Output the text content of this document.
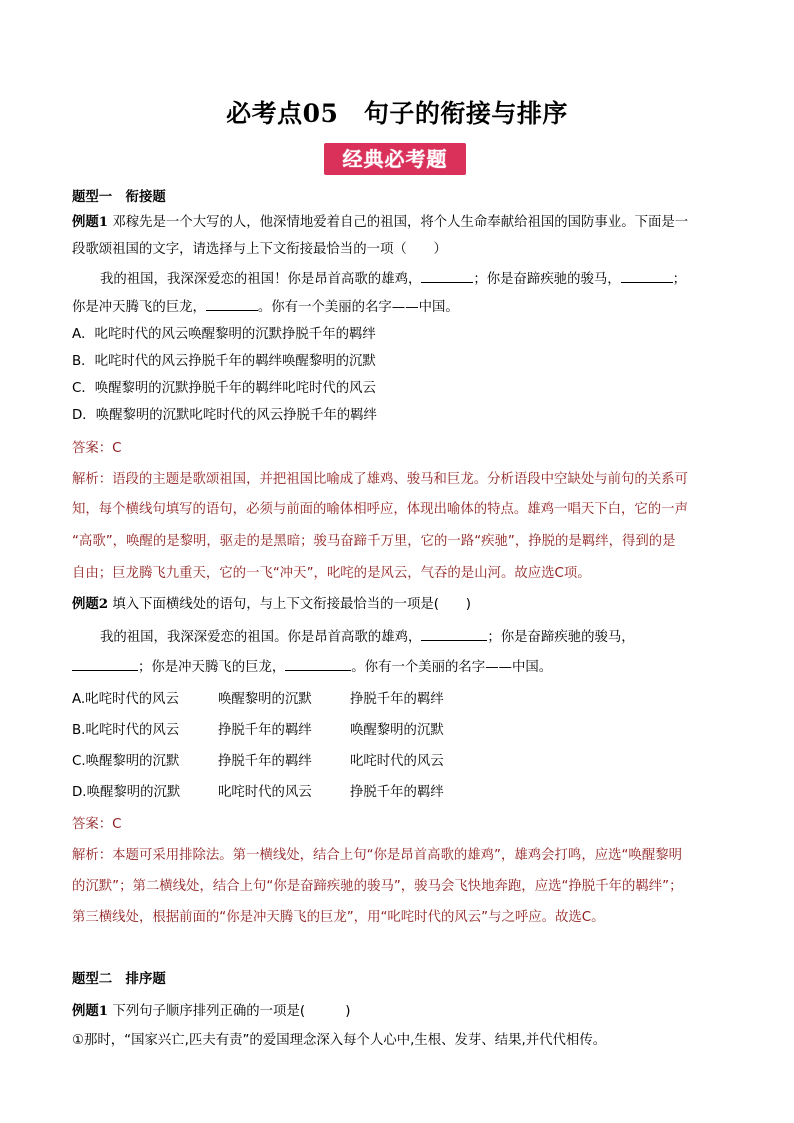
必考点05　句子的衔接与排序
经典必考题
题型一　衔接题
例题1 邓稼先是一个大写的人，他深情地爱着自己的祖国，将个人生命奉献给祖国的国防事业。下面是一
段歌颂祖国的文字，请选择与上下文衔接最恰当的一项（　　）
我的祖国，我深深爱恋的祖国！你是昂首高歌的雄鸡，	；你是奋蹄疾驰的骏马，	；
你是冲天腾飞的巨龙，	。你有一个美丽的名字——中国。
A．叱咤时代的风云唤醒黎明的沉默挣脱千年的羁绊
B．叱咤时代的风云挣脱千年的羁绊唤醒黎明的沉默
C．唤醒黎明的沉默挣脱千年的羁绊叱咤时代的风云
D．唤醒黎明的沉默叱咤时代的风云挣脱千年的羁绊
答案：C
解析：语段的主题是歌颂祖国，并把祖国比喻成了雄鸡、骏马和巨龙。分析语段中空缺处与前句的关系可
知，每个横线句填写的语句，必须与前面的喻体相呼应，体现出喻体的特点。雄鸡一唱天下白，它的一声
“高歌”，唤醒的是黎明，驱走的是黑暗；骏马奋蹄千万里，它的一路“疾驰”，挣脱的是羁绊，得到的是
自由；巨龙腾飞九重天，它的一飞“冲天”，叱咤的是风云，气吞的是山河。故应选C项。
例题2 填入下面横线处的语句，与上下文衔接最恰当的一项是(　　)
我的祖国，我深深爱恋的祖国。你是昂首高歌的雄鸡，	；你是奋蹄疾驰的骏马，
；你是冲天腾飞的巨龙，	。你有一个美丽的名字——中国。
A.叱咤时代的风云	唤醒黎明的沉默	挣脱千年的羁绊
B.叱咤时代的风云	挣脱千年的羁绊	唤醒黎明的沉默
C.唤醒黎明的沉默	挣脱千年的羁绊	叱咤时代的风云
D.唤醒黎明的沉默	叱咤时代的风云	挣脱千年的羁绊
答案：C
解析：本题可采用排除法。第一横线处，结合上句“你是昂首高歌的雄鸡”，雄鸡会打鸣，应选“唤醒黎明
的沉默”；第二横线处，结合上句“你是奋蹄疾驰的骏马”，骏马会飞快地奔跑，应选“挣脱千年的羁绊”；
第三横线处，根据前面的“你是冲天腾飞的巨龙”，用“叱咤时代的风云”与之呼应。故选C。
题型二　排序题
例题1 下列句子顺序排列正确的一项是(　　　)
①那时，“国家兴亡,匹夫有责”的爱国理念深入每个人心中,生根、发芽、结果,并代代相传。
